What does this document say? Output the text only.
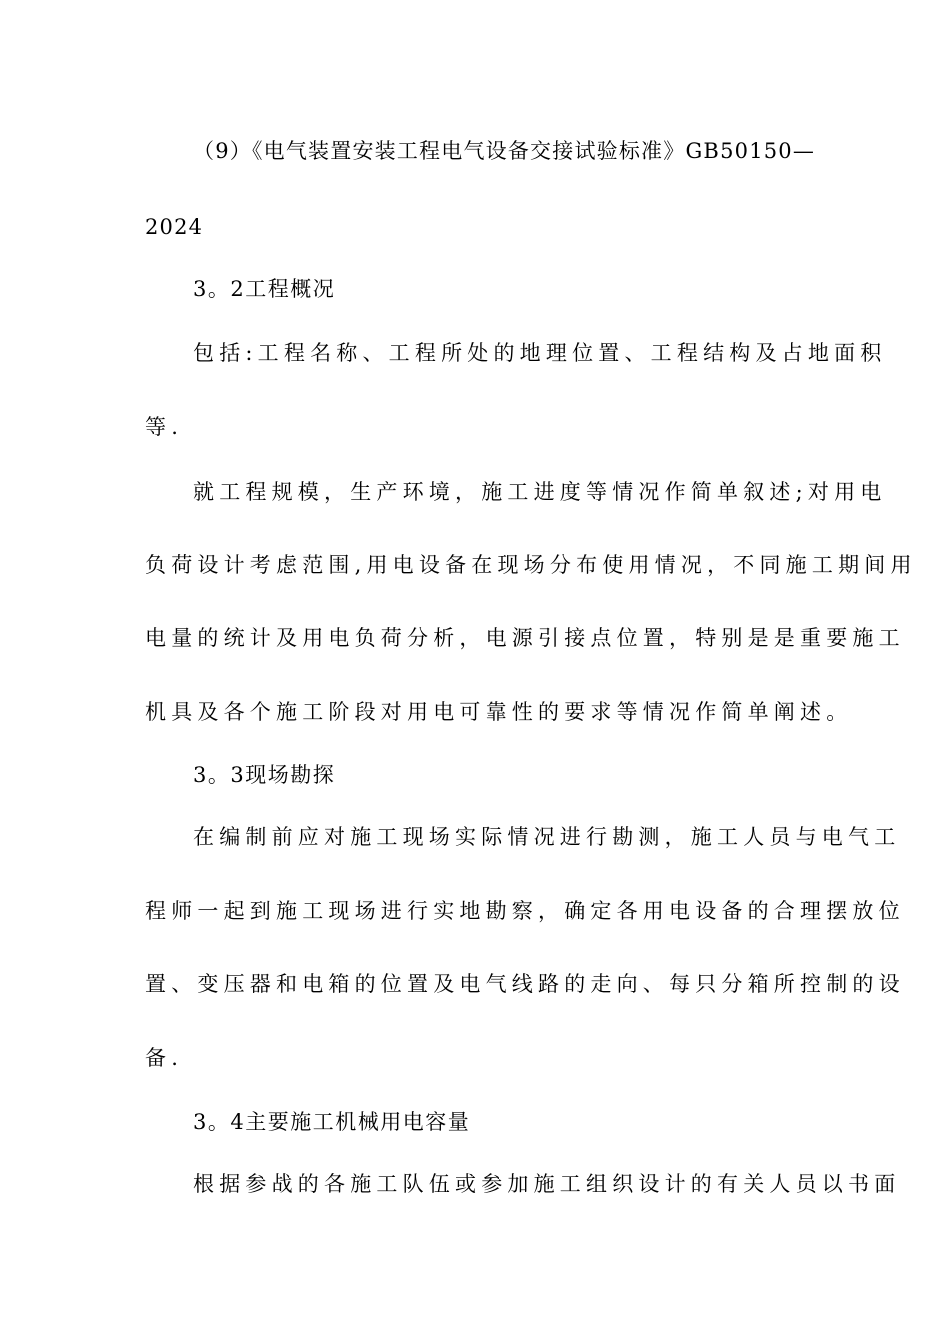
（9）《电气装置安装工程电气设备交接试验标准》GB50150—
2024
3。2工程概况
包括:工程名称、工程所处的地理位置、工程结构及占地面积
等.
就工程规模，生产环境，施工进度等情况作简单叙述;对用电
负荷设计考虑范围,用电设备在现场分布使用情况，不同施工期间用
电量的统计及用电负荷分析，电源引接点位置，特别是是重要施工
机具及各个施工阶段对用电可靠性的要求等情况作简单阐述。
3。3现场勘探
在编制前应对施工现场实际情况进行勘测，施工人员与电气工
程师一起到施工现场进行实地勘察，确定各用电设备的合理摆放位
置、变压器和电箱的位置及电气线路的走向、每只分箱所控制的设
备.
3。4主要施工机械用电容量
根据参战的各施工队伍或参加施工组织设计的有关人员以书面
